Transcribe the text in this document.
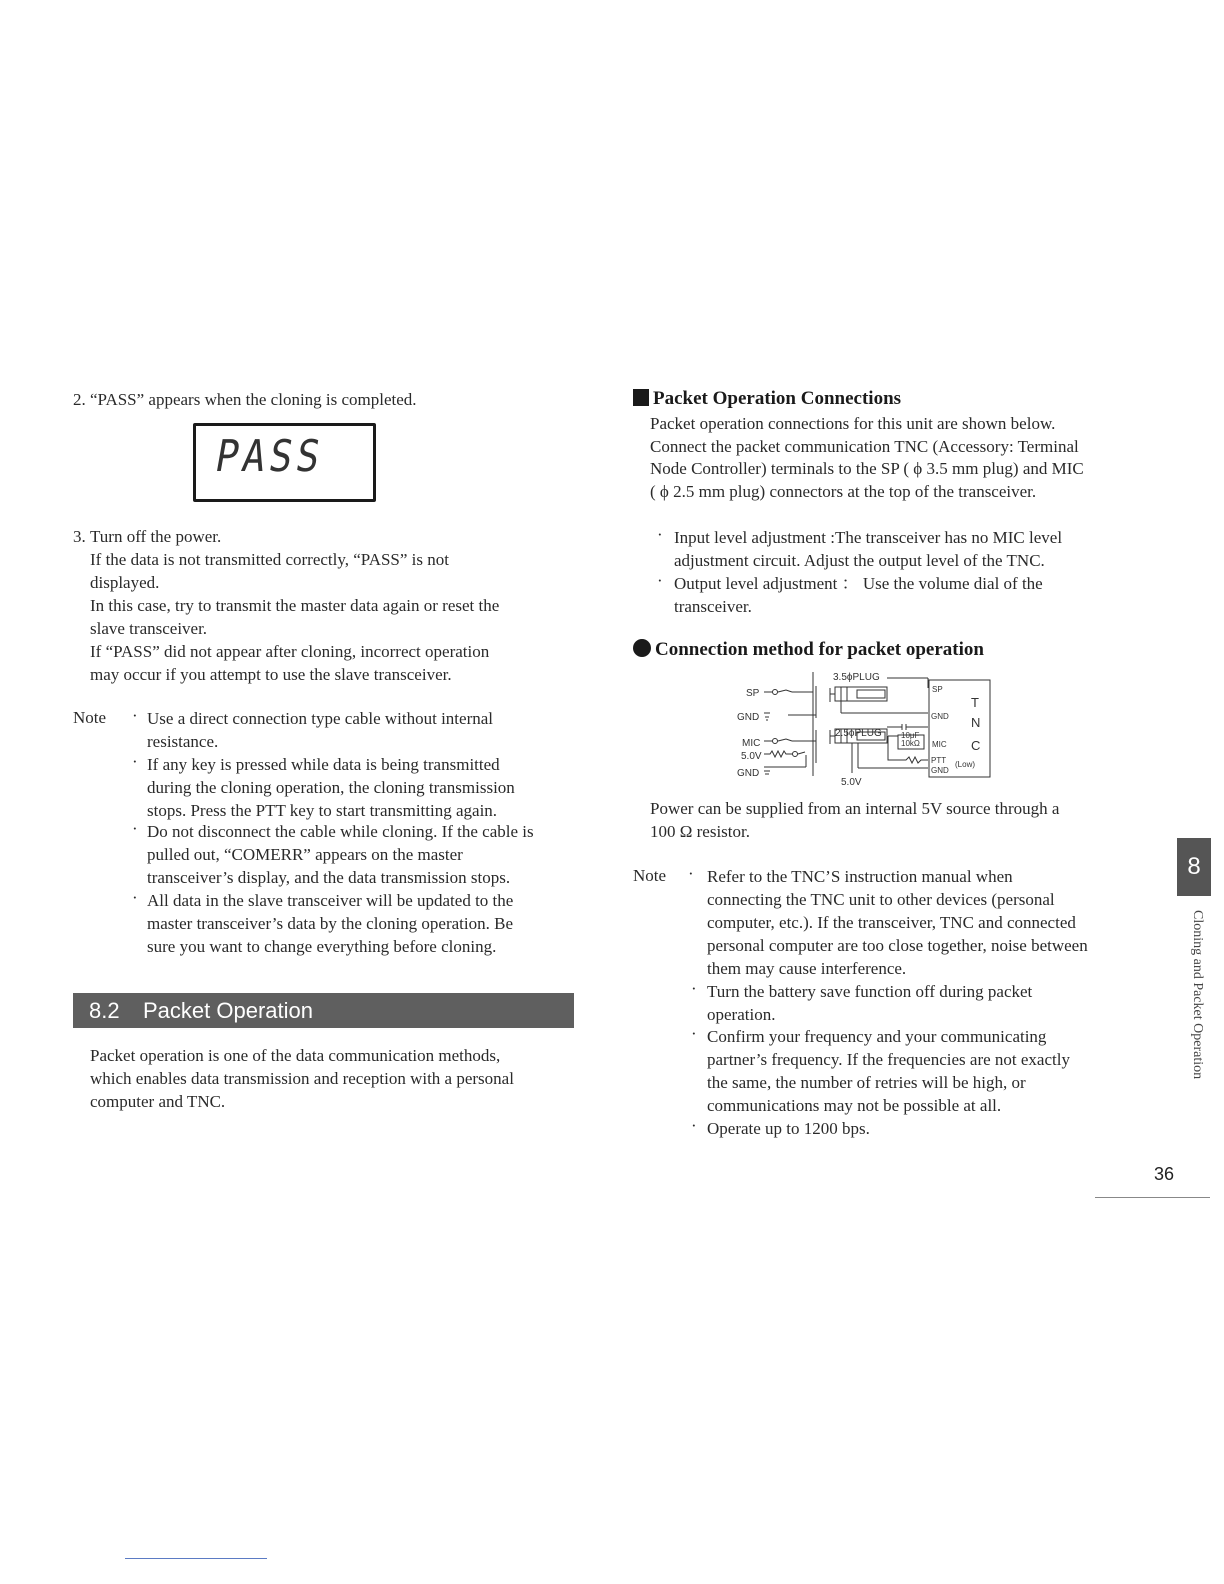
2. “PASS” appears when the cloning is completed.
PASS
3. Turn off the power.
If the data is not transmitted correctly, “PASS” is not
displayed.
In this case, try to transmit the master data again or reset the
slave transceiver.
If “PASS” did not appear after cloning, incorrect operation
may occur if you attempt to use the slave transceiver.
Note · Use a direct connection type cable without internal
resistance.
· If any key is pressed while data is being transmitted
during the cloning operation, the cloning transmission
stops. Press the PTT key to start transmitting again.
· Do not disconnect the cable while cloning. If the cable is
pulled out, “COMERR” appears on the master
transceiver’s display, and the data transmission stops.
· All data in the slave transceiver will be updated to the
master transceiver’s data by the cloning operation. Be
sure you want to change everything before cloning.
8.2 Packet Operation
Packet operation is one of the data communication methods,
which enables data transmission and reception with a personal
computer and TNC.
Packet Operation Connections
Packet operation connections for this unit are shown below.
Connect the packet communication TNC (Accessory: Terminal
Node Controller) terminals to the SP ( ϕ 3.5 mm plug) and MIC
( ϕ 2.5 mm plug) connectors at the top of the transceiver.
· Input level adjustment :The transceiver has no MIC level
adjustment circuit. Adjust the output level of the TNC.
· Output level adjustment ： Use the volume dial of the
transceiver.
Connection method for packet operation
3.5ϕPLUG
SP
GND
MIC
5.0V
GND
2.5ϕPLUG
5.0V
10μF
10kΩ
SP
GND
MIC
PTT (Low)
GND
T
N
C
Power can be supplied from an internal 5V source through a
100 Ω resistor.
Note · Refer to the TNC’S instruction manual when
connecting the TNC unit to other devices (personal
computer, etc.). If the transceiver, TNC and connected
personal computer are too close together, noise between
them may cause interference.
· Turn the battery save function off during packet
operation.
· Confirm your frequency and your communicating
partner’s frequency. If the frequencies are not exactly
the same, the number of retries will be high, or
communications may not be possible at all.
· Operate up to 1200 bps.
8
Cloning and Packet Operation
36
